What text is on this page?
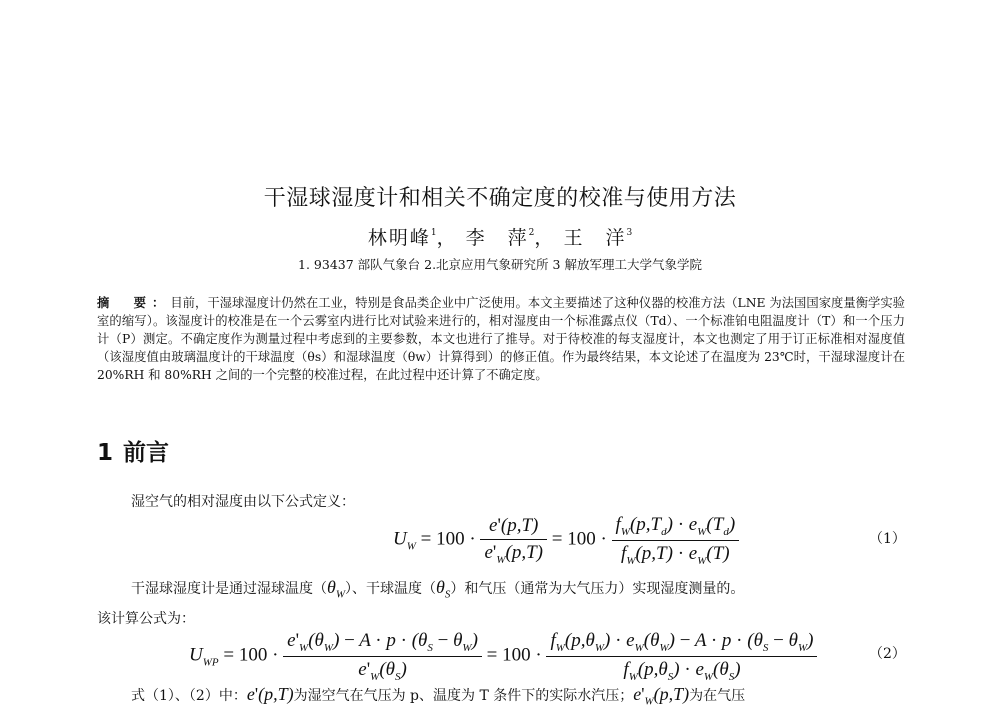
干湿球湿度计和相关不确定度的校准与使用方法
林明峰$^1$， 李　萍$^2$， 王　洋$^3$
1. 93437 部队气象台 2.北京应用气象研究所 3 解放军理工大学气象学院
摘　要：目前，干湿球湿度计仍然在工业，特别是食品类企业中广泛使用。本文主要描述了这种仪器的校准方法（LNE 为法国国家度量衡学实验室的缩写）。该湿度计的校准是在一个云雾室内进行比对试验来进行的，相对湿度由一个标准露点仪（Td）、一个标准铂电阻温度计（T）和一个压力计（P）测定。不确定度作为测量过程中考虑到的主要参数，本文也进行了推导。对于待校准的每支湿度计，本文也测定了用于订正标准相对湿度值（该湿度值由玻璃温度计的干球温度（θs）和湿球温度（θw）计算得到）的修正值。作为最终结果，本文论述了在温度为 23℃时，干湿球湿度计在 20%RH 和 80%RH 之间的一个完整的校准过程，在此过程中还计算了不确定度。
1 前言
湿空气的相对湿度由以下公式定义：
$U_W = 100 \cdot \frac{e'(p,T)}{e'_W(p,T)} = 100 \cdot \frac{f_W(p,T_d) \cdot e_W(T_d)}{f_W(p,T) \cdot e_W(T)}$	（1）
干湿球湿度计是通过湿球温度$(\theta_W)$、干球温度$(\theta_S)$和气压（通常为大气压力）实现湿度测量的。
该计算公式为：
$U_{WP} = 100 \cdot \frac{e'_W(\theta_W) - A \cdot p \cdot (\theta_S - \theta_W)}{e'_W(\theta_S)} = 100 \cdot \frac{f_W(p,\theta_W) \cdot e_W(\theta_W) - A \cdot p \cdot (\theta_S - \theta_W)}{f_W(p,\theta_S) \cdot e_W(\theta_S)}$	（2）
式（1）、（2）中：e'(p,T)为湿空气在气压为 p、温度为 T 条件下的实际水汽压；$e'_W(p,T)$为在气压
